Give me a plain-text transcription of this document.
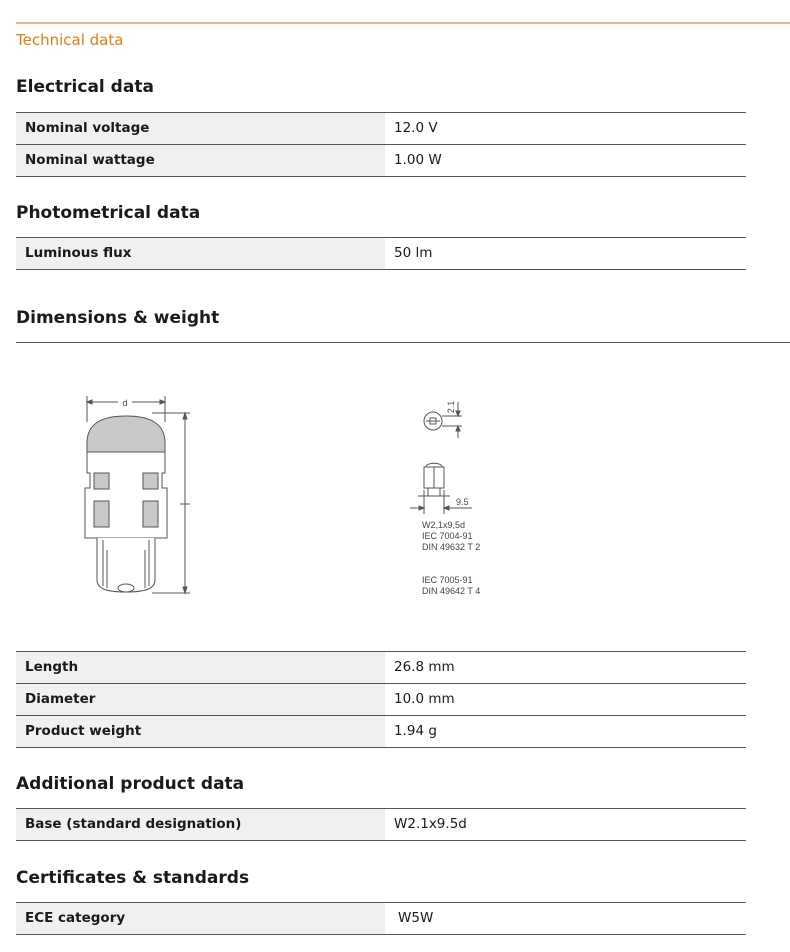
Technical data
Electrical data
Nominal voltage	12.0 V
Nominal wattage	1.00 W
Photometrical data
Luminous flux	50 lm
Dimensions & weight
d	2.1
9.5
W2,1x9,5d
IEC 7004-91
DIN 49632 T 2
IEC 7005-91
DIN 49642 T 4
Length	26.8 mm
Diameter	10.0 mm
Product weight	1.94 g
Additional product data
Base (standard designation)	W2.1x9.5d
Certificates & standards
ECE category	W5W
